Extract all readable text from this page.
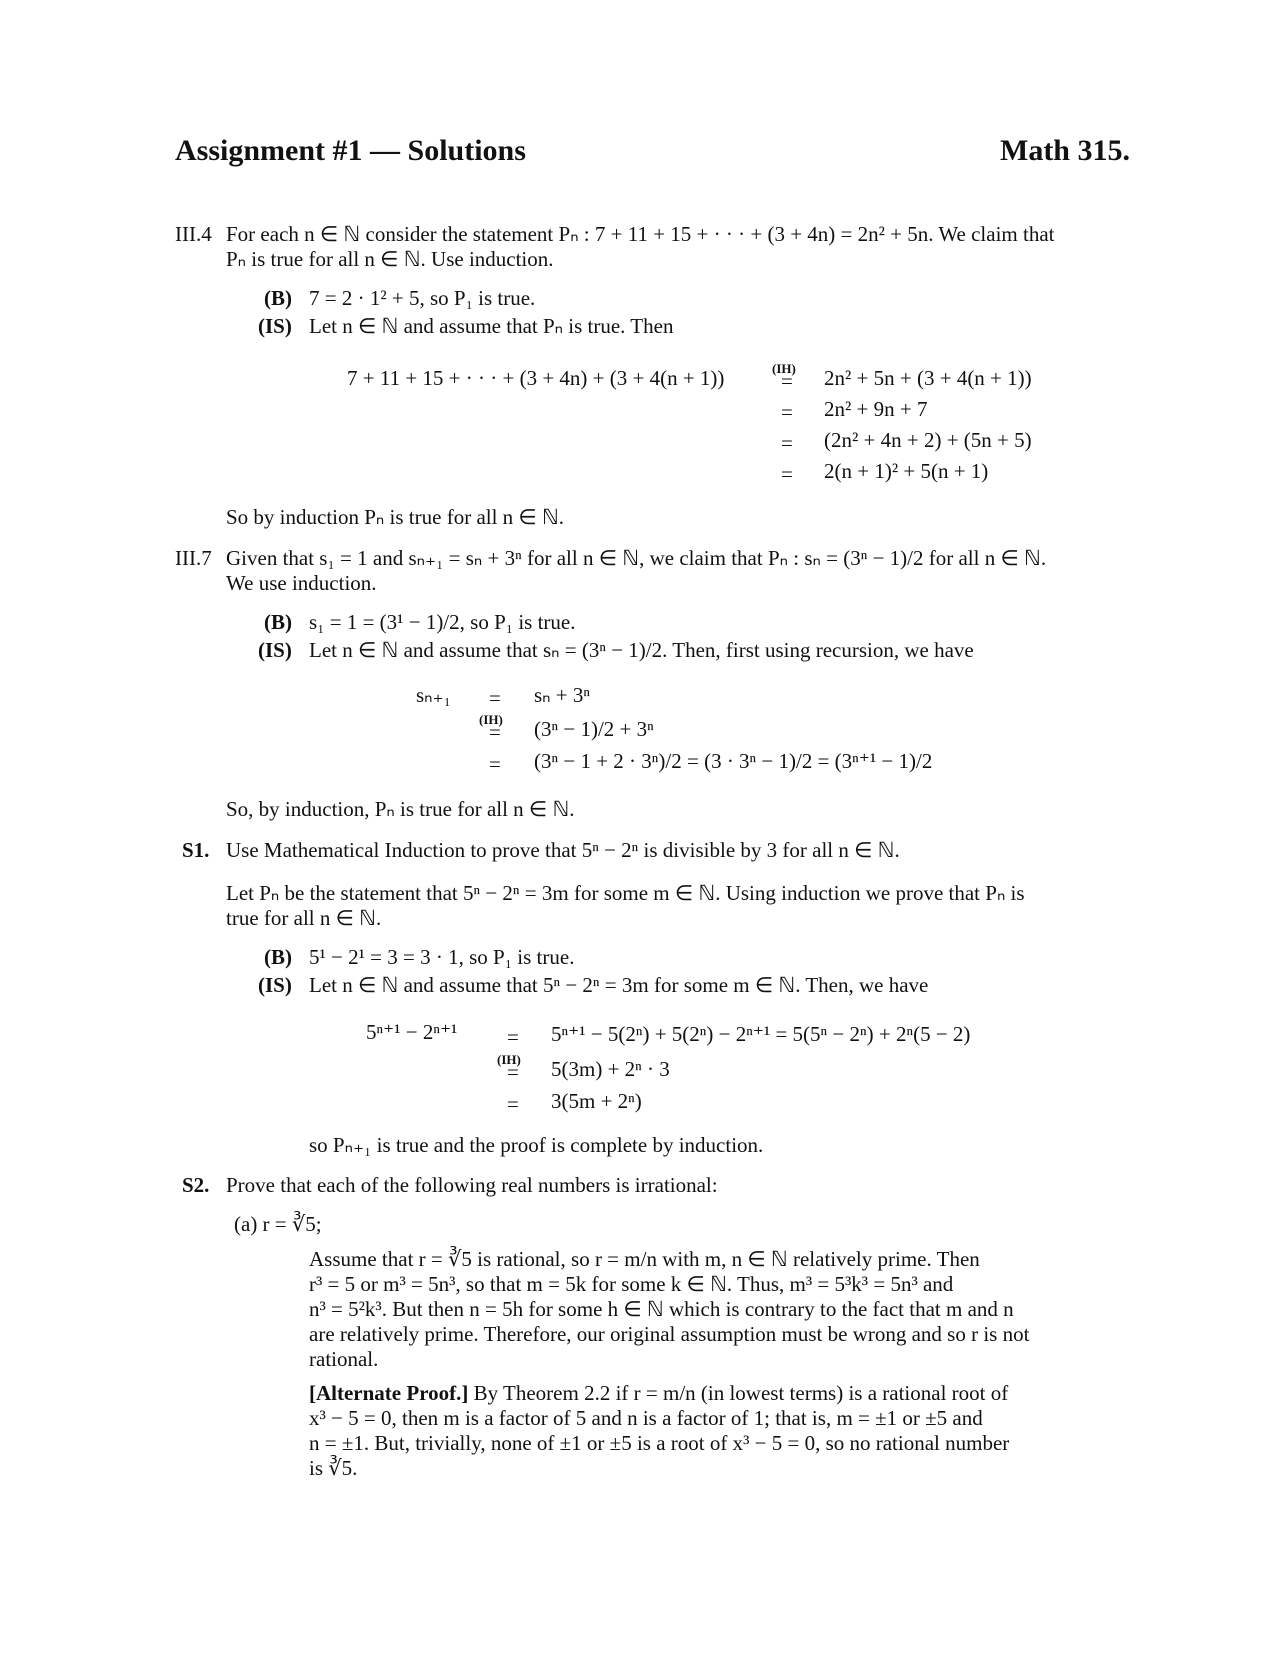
Assignment #1 — Solutions	Math 315.
III.4 For each n ∈ ℕ consider the statement Pₙ : 7 + 11 + 15 + · · · + (3 + 4n) = 2n² + 5n. We claim that
Pₙ is true for all n ∈ ℕ. Use induction.
(B) 7 = 2 · 1² + 5, so P₁ is true.
(IS) Let n ∈ ℕ and assume that Pₙ is true. Then
7 + 11 + 15 + · · · + (3 + 4n) + (3 + 4(n + 1))	(IH)
=
=
=
=
2n² + 5n + (3 + 4(n + 1))
2n² + 9n + 7
(2n² + 4n + 2) + (5n + 5)
2(n + 1)² + 5(n + 1)
So by induction Pₙ is true for all n ∈ ℕ.
III.7 Given that s₁ = 1 and sₙ₊₁ = sₙ + 3ⁿ for all n ∈ ℕ, we claim that Pₙ : sₙ = (3ⁿ − 1)/2 for all n ∈ ℕ.
We use induction.
(B) s₁ = 1 = (3¹ − 1)/2, so P₁ is true.
(IS) Let n ∈ ℕ and assume that sₙ = (3ⁿ − 1)/2. Then, first using recursion, we have
sₙ₊₁ =
(IH)
=
=
sₙ + 3ⁿ
(3ⁿ − 1)/2 + 3ⁿ
(3ⁿ − 1 + 2 · 3ⁿ)/2 = (3 · 3ⁿ − 1)/2 = (3ⁿ⁺¹ − 1)/2
So, by induction, Pₙ is true for all n ∈ ℕ.
S1. Use Mathematical Induction to prove that 5ⁿ − 2ⁿ is divisible by 3 for all n ∈ ℕ.
Let Pₙ be the statement that 5ⁿ − 2ⁿ = 3m for some m ∈ ℕ. Using induction we prove that Pₙ is
true for all n ∈ ℕ.
(B) 5¹ − 2¹ = 3 = 3 · 1, so P₁ is true.
(IS) Let n ∈ ℕ and assume that 5ⁿ − 2ⁿ = 3m for some m ∈ ℕ. Then, we have
5ⁿ⁺¹ − 2ⁿ⁺¹ =
(IH)
=
=
5ⁿ⁺¹ − 5(2ⁿ) + 5(2ⁿ) − 2ⁿ⁺¹ = 5(5ⁿ − 2ⁿ) + 2ⁿ(5 − 2)
5(3m) + 2ⁿ · 3
3(5m + 2ⁿ)
so Pₙ₊₁ is true and the proof is complete by induction.
S2. Prove that each of the following real numbers is irrational:
(a) r = ∛5;
Assume that r = ∛5 is rational, so r = m/n with m, n ∈ ℕ relatively prime. Then
r³ = 5 or m³ = 5n³, so that m = 5k for some k ∈ ℕ. Thus, m³ = 5³k³ = 5n³ and
n³ = 5²k³. But then n = 5h for some h ∈ ℕ which is contrary to the fact that m and n
are relatively prime. Therefore, our original assumption must be wrong and so r is not
rational.
[Alternate Proof.] By Theorem 2.2 if r = m/n (in lowest terms) is a rational root of
x³ − 5 = 0, then m is a factor of 5 and n is a factor of 1; that is, m = ±1 or ±5 and
n = ±1. But, trivially, none of ±1 or ±5 is a root of x³ − 5 = 0, so no rational number
is ∛5.
